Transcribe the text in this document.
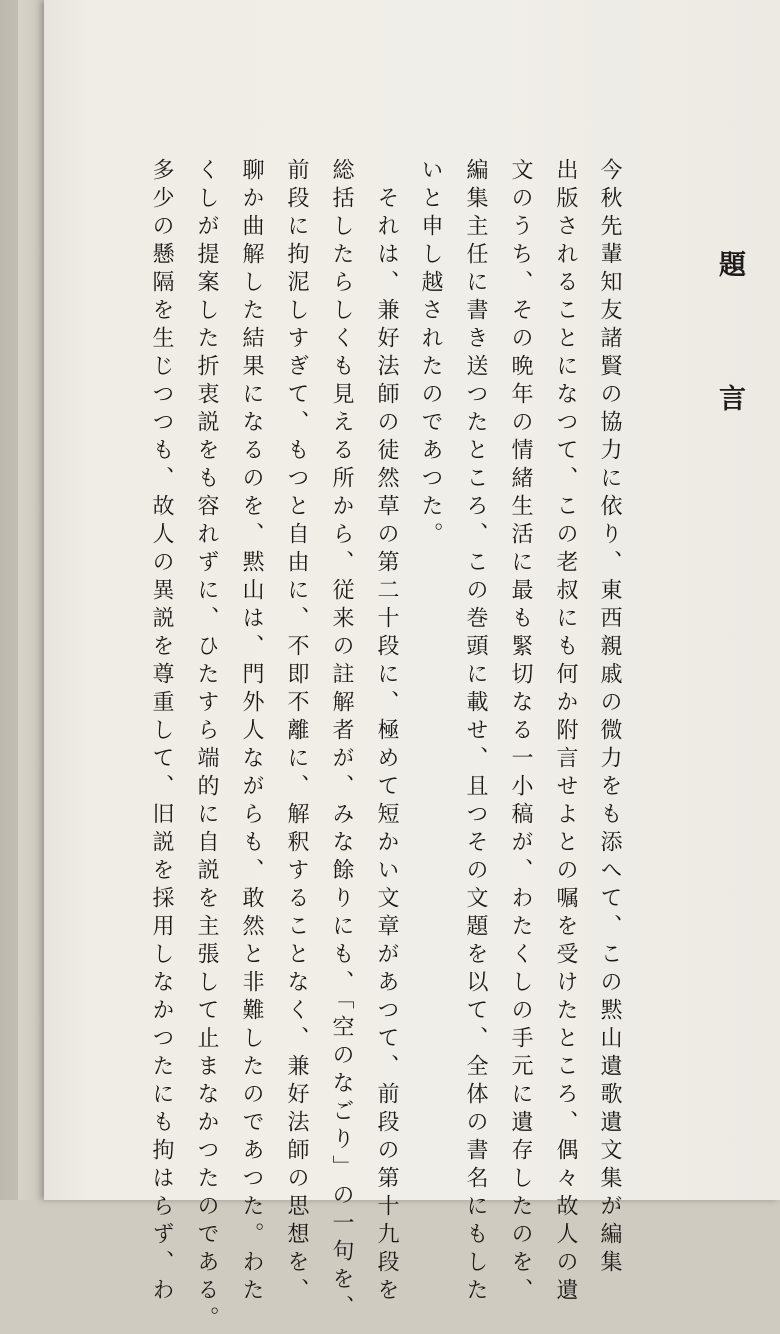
題　言
今秋先輩知友諸賢の協力に依り、東西親戚の微力をも添へて、この黙山遺歌遺文集が編集
出版されることになつて、この老叔にも何か附言せよとの嘱を受けたところ、偶々故人の遺
文のうち、その晩年の情緒生活に最も緊切なる一小稿が、わたくしの手元に遺存したのを、
編集主任に書き送つたところ、この巻頭に載せ、且つその文題を以て、全体の書名にもした
いと申し越されたのであつた。
　それは、兼好法師の徒然草の第二十段に、極めて短かい文章があつて、前段の第十九段を
総括したらしくも見える所から、従来の註解者が、みな餘りにも、「空のなごり」の一句を、
前段に拘泥しすぎて、もつと自由に、不即不離に、解釈することなく、兼好法師の思想を、
聊か曲解した結果になるのを、黙山は、門外人ながらも、敢然と非難したのであつた。わた
くしが提案した折衷説をも容れずに、ひたすら端的に自説を主張して止まなかつたのである。
多少の懸隔を生じつつも、故人の異説を尊重して、旧説を採用しなかつたにも拘はらず、わ
